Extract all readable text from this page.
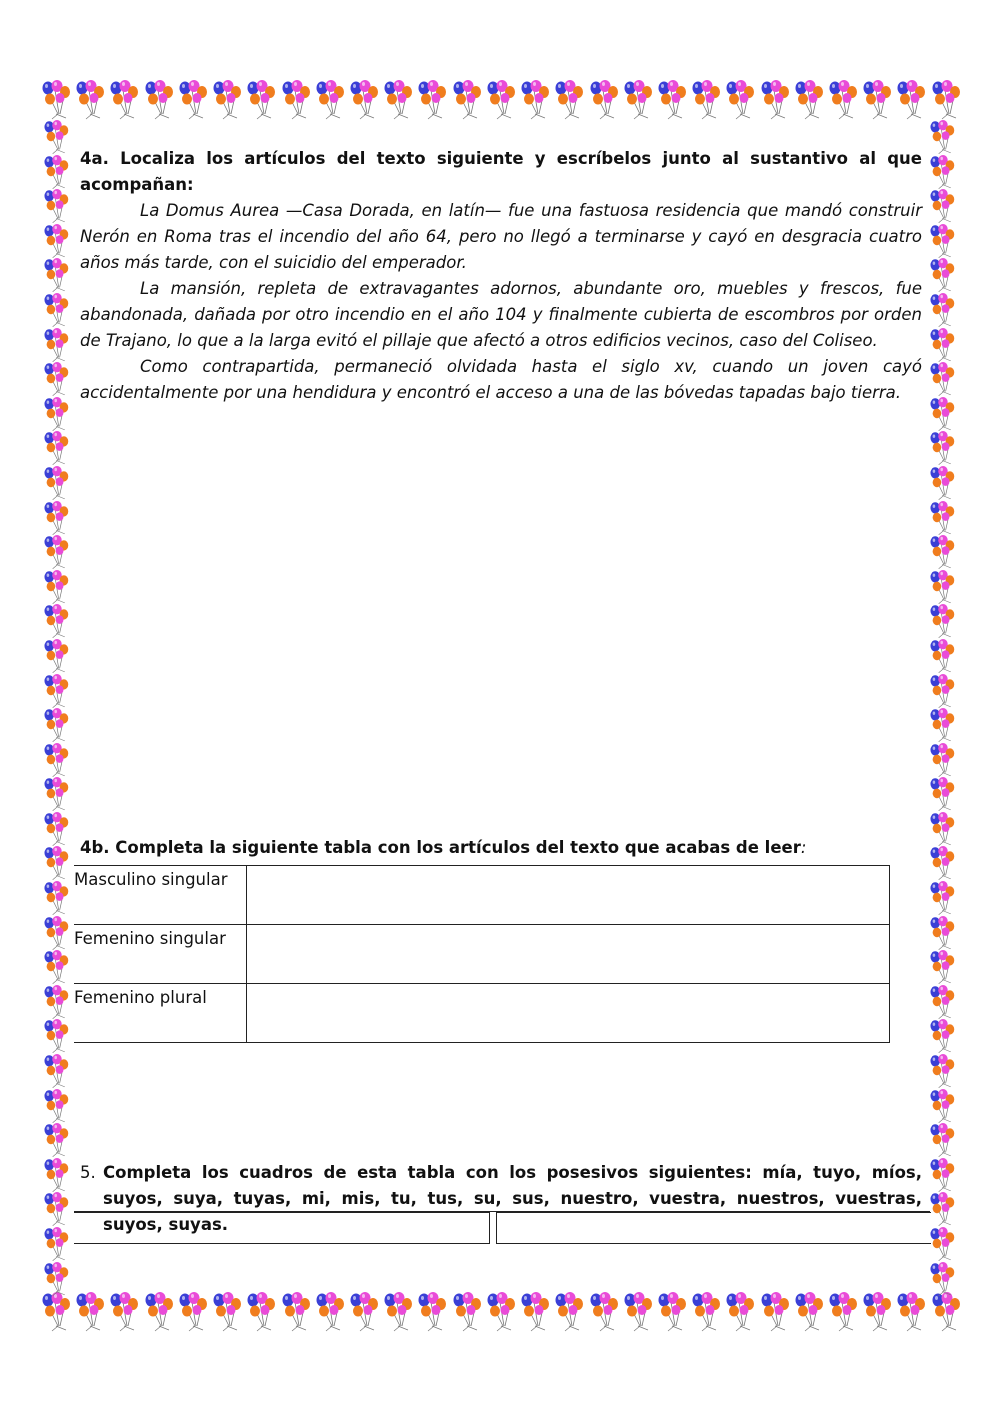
4a. Localiza los artículos del texto siguiente y escríbelos junto al sustantivo al que acompañan:

La Domus Aurea —Casa Dorada, en latín— fue una fastuosa residencia que mandó construir Nerón en Roma tras el incendio del año 64, pero no llegó a terminarse y cayó en desgracia cuatro años más tarde, con el suicidio del emperador.

La mansión, repleta de extravagantes adornos, abundante oro, muebles y frescos, fue abandonada, dañada por otro incendio en el año 104 y finalmente cubierta de escombros por orden de Trajano, lo que a la larga evitó el pillaje que afectó a otros edificios vecinos, caso del Coliseo.

Como contrapartida, permaneció olvidada hasta el siglo xv, cuando un joven cayó accidentalmente por una hendidura y encontró el acceso a una de las bóvedas tapadas bajo tierra.

4b. Completa la siguiente tabla con los artículos del texto que acabas de leer:
Masculino singular	
Femenino singular	
Femenino plural	
5. Completa los cuadros de esta tabla con los posesivos siguientes: mía, tuyo, míos, suyos, suya, tuyas, mi, mis, tu, tus, su, sus, nuestro, vuestra, nuestros, vuestras, suyos, suyas.
